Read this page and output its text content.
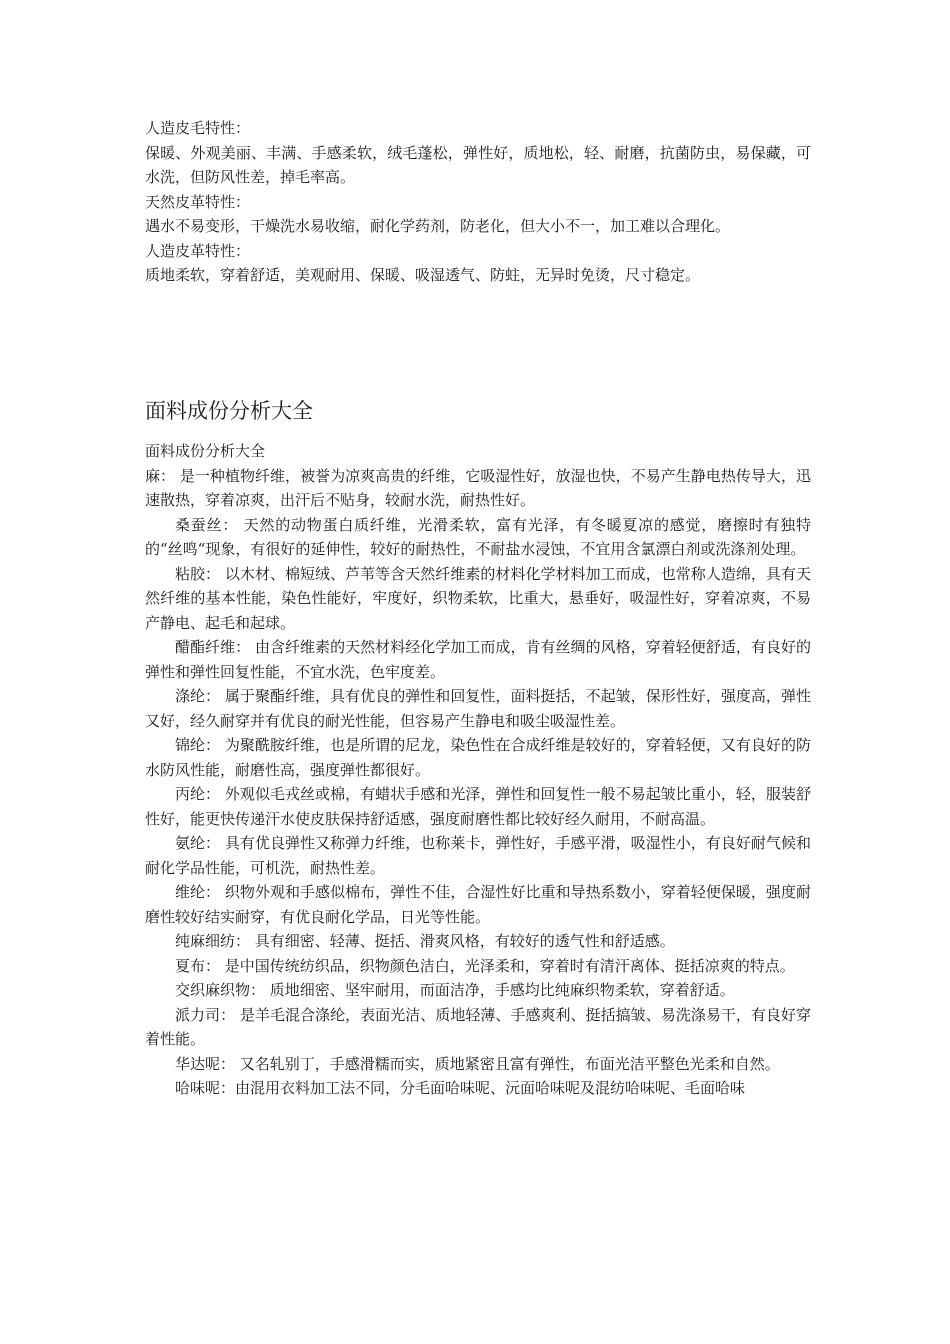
人造皮毛特性：

保暖、外观美丽、丰满、手感柔软，绒毛蓬松，弹性好，质地松，轻、耐磨，抗菌防虫，易保藏，可水洗，但防风性差，掉毛率高。

天然皮革特性：

遇水不易变形，干燥洗水易收缩，耐化学药剂，防老化，但大小不一，加工难以合理化。

人造皮革特性：

质地柔软，穿着舒适，美观耐用、保暖、吸湿透气、防蛀，无异时免烫，尺寸稳定。

面料成份分析大全

面料成份分析大全

麻： 是一种植物纤维，被誉为凉爽高贵的纤维，它吸湿性好，放湿也快，不易产生静电热传导大，迅速散热，穿着凉爽，出汗后不贴身，较耐水洗，耐热性好。

桑蚕丝： 天然的动物蛋白质纤维，光滑柔软，富有光泽，有冬暖夏凉的感觉，磨擦时有独特的“丝鸣“现象，有很好的延伸性，较好的耐热性，不耐盐水浸蚀，不宜用含氯漂白剂或洗涤剂处理。

粘胶： 以木材、棉短绒、芦苇等含天然纤维素的材料化学材料加工而成，也常称人造绵，具有天然纤维的基本性能，染色性能好，牢度好，织物柔软，比重大，悬垂好，吸湿性好，穿着凉爽，不易产静电、起毛和起球。

醋酯纤维： 由含纤维素的天然材料经化学加工而成，肯有丝绸的风格，穿着轻便舒适，有良好的弹性和弹性回复性能，不宜水洗，色牢度差。

涤纶： 属于聚酯纤维，具有优良的弹性和回复性，面料挺括，不起皱，保形性好，强度高，弹性又好，经久耐穿并有优良的耐光性能，但容易产生静电和吸尘吸湿性差。

锦纶： 为聚酰胺纤维，也是所谓的尼龙，染色性在合成纤维是较好的，穿着轻便，又有良好的防水防风性能，耐磨性高，强度弹性都很好。

丙纶： 外观似毛戎丝或棉，有蜡状手感和光泽，弹性和回复性一般不易起皱比重小，轻，服装舒性好，能更快传递汗水使皮肤保持舒适感，强度耐磨性都比较好经久耐用，不耐高温。

氨纶： 具有优良弹性又称弹力纤维，也称莱卡，弹性好，手感平滑，吸湿性小，有良好耐气候和耐化学品性能，可机洗，耐热性差。

维纶： 织物外观和手感似棉布，弹性不佳，合湿性好比重和导热系数小，穿着轻便保暖，强度耐磨性较好结实耐穿，有优良耐化学品，日光等性能。

纯麻细纺： 具有细密、轻薄、挺括、滑爽风格，有较好的透气性和舒适感。

夏布： 是中国传统纺织品，织物颜色洁白，光泽柔和，穿着时有清汗离体、挺括凉爽的特点。

交织麻织物： 质地细密、坚牢耐用，而面洁净，手感均比纯麻织物柔软，穿着舒适。

派力司： 是羊毛混合涤纶，表面光洁、质地轻薄、手感爽利、挺括搞皱、易洗涤易干，有良好穿着性能。

华达呢： 又名轧别丁，手感滑糯而实，质地紧密且富有弹性，布面光洁平整色光柔和自然。

哈味呢：由混用衣料加工法不同，分毛面哈味呢、沅面哈味呢及混纺哈味呢、毛面哈味
